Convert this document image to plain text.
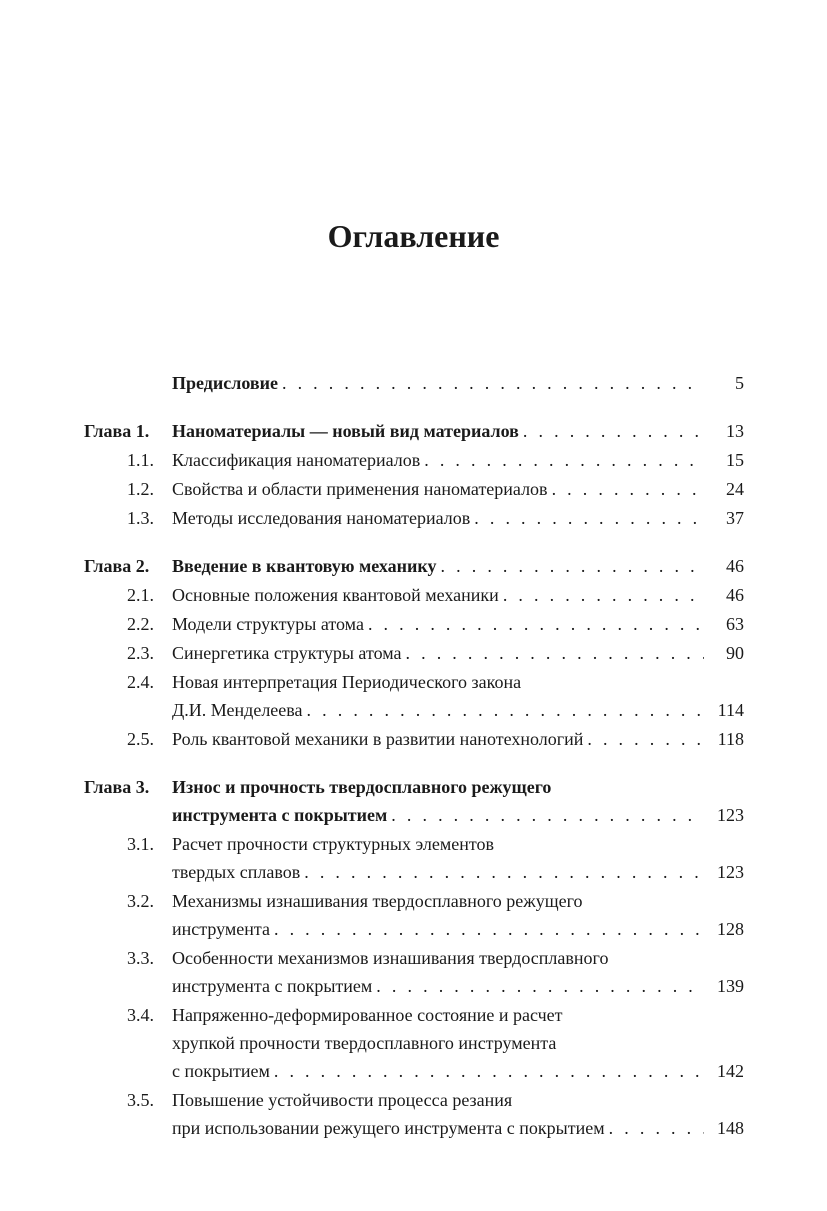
Оглавление
Предисловие . . .	5
Глава 1.	Наноматериалы — новый вид материалов . . .	13
1.1.	Классификация наноматериалов . . .	15
1.2.	Свойства и области применения наноматериалов . . .	24
1.3.	Методы исследования наноматериалов . . .	37
Глава 2.	Введение в квантовую механику . . .	46
2.1.	Основные положения квантовой механики . . .	46
2.2.	Модели структуры атома . . .	63
2.3.	Синергетика структуры атома . . .	90
2.4.	Новая интерпретация Периодического закона
Д.И. Менделеева . . .	114
2.5.	Роль квантовой механики в развитии нанотехнологий . . .	118
Глава 3.	Износ и прочность твердосплавного режущего
инструмента с покрытием . . .	123
3.1.	Расчет прочности структурных элементов
твердых сплавов . . .	123
3.2.	Механизмы изнашивания твердосплавного режущего
инструмента . . .	128
3.3.	Особенности механизмов изнашивания твердосплавного
инструмента с покрытием . . .	139
3.4.	Напряженно-деформированное состояние и расчет
хрупкой прочности твердосплавного инструмента
с покрытием . . .	142
3.5.	Повышение устойчивости процесса резания
при использовании режущего инструмента с покрытием . . .	148
